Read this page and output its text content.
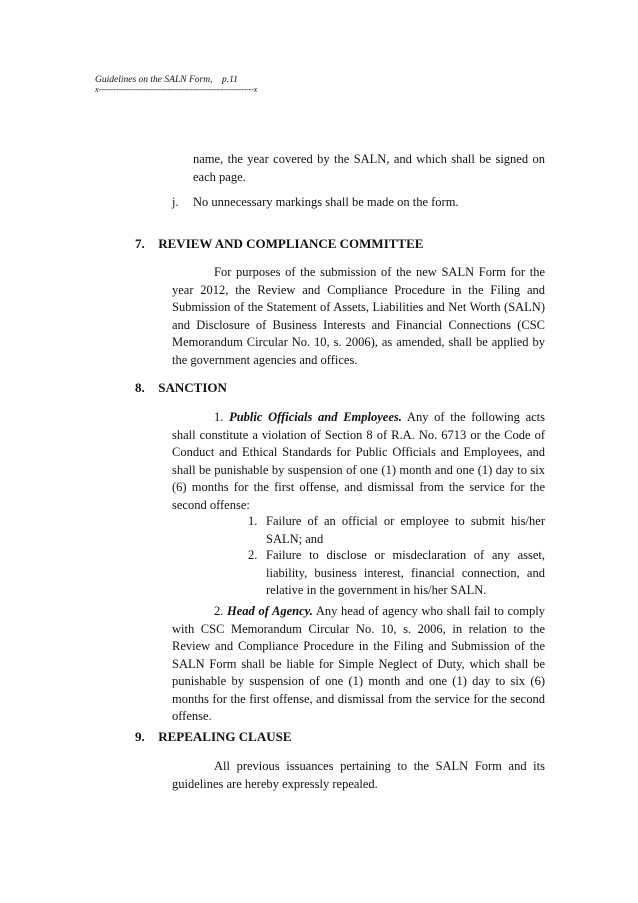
Guidelines on the SALN Form, p.11
x---------------------------------------------------------------x

name, the year covered by the SALN, and which shall be signed on each page.

j. No unnecessary markings shall be made on the form.
7. REVIEW AND COMPLIANCE COMMITTEE

For purposes of the submission of the new SALN Form for the year 2012, the Review and Compliance Procedure in the Filing and Submission of the Statement of Assets, Liabilities and Net Worth (SALN) and Disclosure of Business Interests and Financial Connections (CSC Memorandum Circular No. 10, s. 2006), as amended, shall be applied by the government agencies and offices.

8. SANCTION

1. Public Officials and Employees. Any of the following acts shall constitute a violation of Section 8 of R.A. No. 6713 or the Code of Conduct and Ethical Standards for Public Officials and Employees, and shall be punishable by suspension of one (1) month and one (1) day to six (6) months for the first offense, and dismissal from the service for the second offense:

1. Failure of an official or employee to submit his/her SALN; and
2. Failure to disclose or misdeclaration of any asset, liability, business interest, financial connection, and relative in the government in his/her SALN.

2. Head of Agency. Any head of agency who shall fail to comply with CSC Memorandum Circular No. 10, s. 2006, in relation to the Review and Compliance Procedure in the Filing and Submission of the SALN Form shall be liable for Simple Neglect of Duty, which shall be punishable by suspension of one (1) month and one (1) day to six (6) months for the first offense, and dismissal from the service for the second offense.

9. REPEALING CLAUSE

All previous issuances pertaining to the SALN Form and its guidelines are hereby expressly repealed.
